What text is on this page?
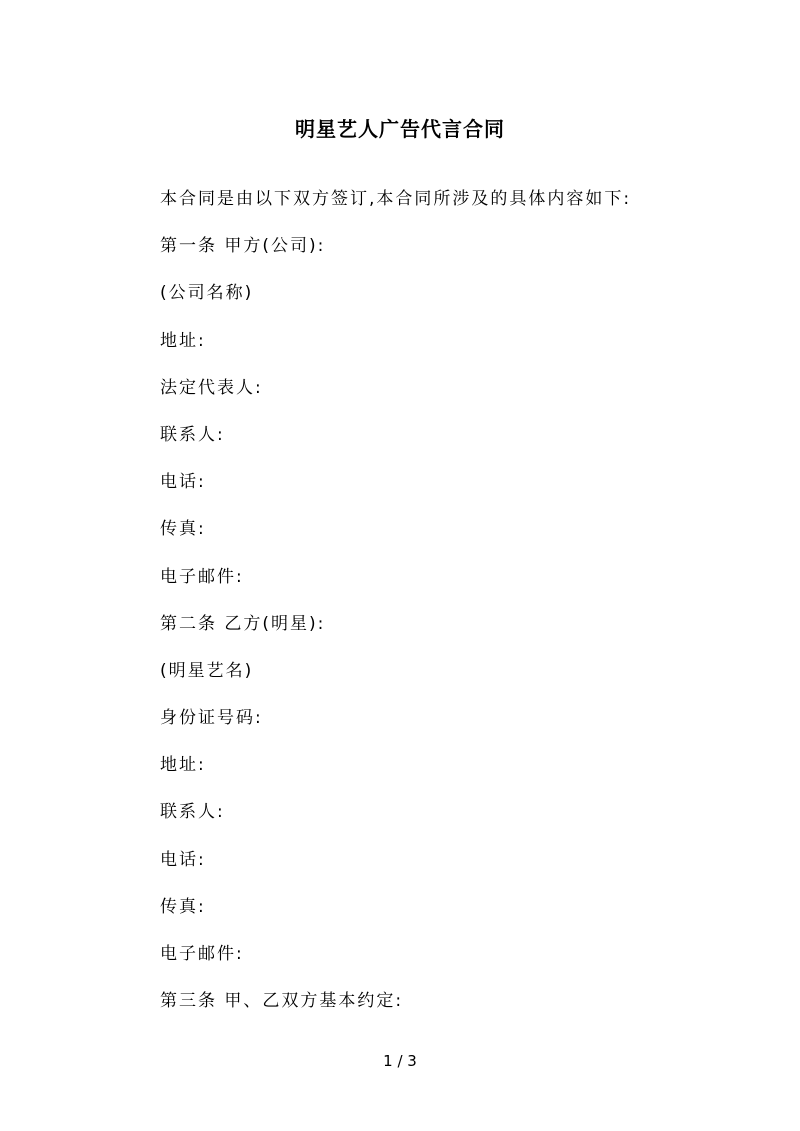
明星艺人广告代言合同
本合同是由以下双方签订,本合同所涉及的具体内容如下:
第一条 甲方(公司):
(公司名称)
地址:
法定代表人:
联系人:
电话:
传真:
电子邮件:
第二条 乙方(明星):
(明星艺名)
身份证号码:
地址:
联系人:
电话:
传真:
电子邮件:
第三条 甲、乙双方基本约定:
1 / 3
